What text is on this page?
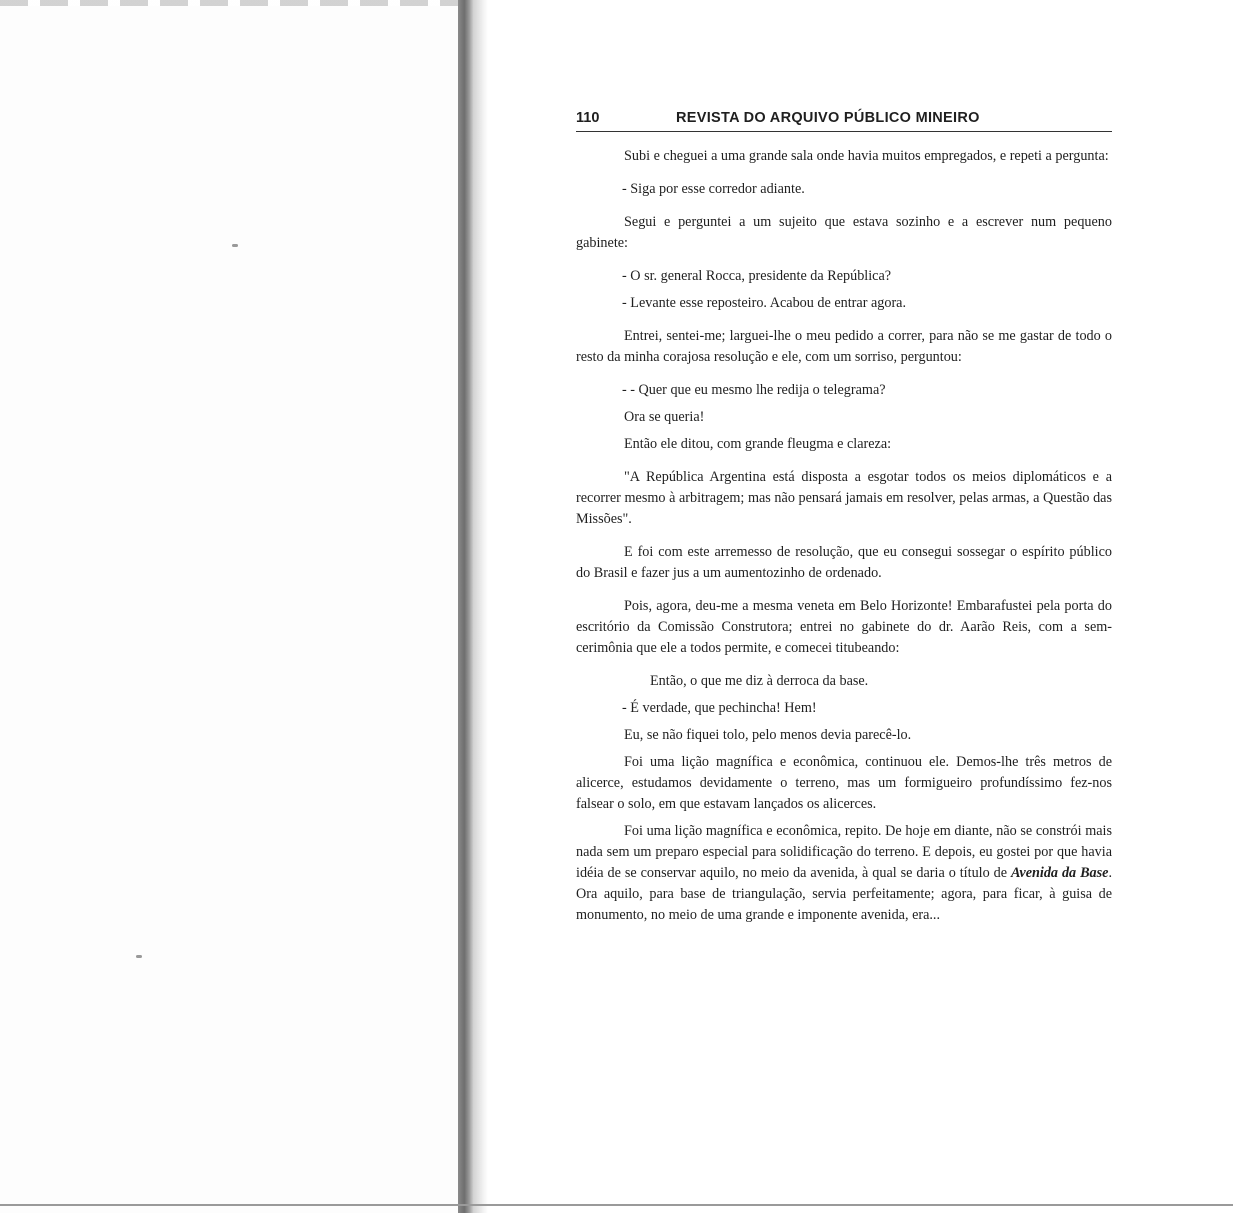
110	REVISTA DO ARQUIVO PÚBLICO MINEIRO

Subi e cheguei a uma grande sala onde havia muitos empregados, e repeti a pergunta:

- Siga por esse corredor adiante.

Segui e perguntei a um sujeito que estava sozinho e a escrever num pequeno gabinete:

- O sr. general Rocca, presidente da República?

- Levante esse reposteiro. Acabou de entrar agora.

Entrei, sentei-me; larguei-lhe o meu pedido a correr, para não se me gastar de todo o resto da minha corajosa resolução e ele, com um sorriso, perguntou:

- - Quer que eu mesmo lhe redija o telegrama?

Ora se queria!

Então ele ditou, com grande fleugma e clareza:

"A República Argentina está disposta a esgotar todos os meios diplomáticos e a recorrer mesmo à arbitragem; mas não pensará jamais em resolver, pelas armas, a Questão das Missões".

E foi com este arremesso de resolução, que eu consegui sossegar o espírito público do Brasil e fazer jus a um aumentozinho de ordenado.

Pois, agora, deu-me a mesma veneta em Belo Horizonte! Embarafustei pela porta do escritório da Comissão Construtora; entrei no gabinete do dr. Aarão Reis, com a sem-cerimônia que ele a todos permite, e comecei titubeando:

Então, o que me diz à derroca da base.

- É verdade, que pechincha! Hem!

Eu, se não fiquei tolo, pelo menos devia parecê-lo.

Foi uma lição magnífica e econômica, continuou ele. Demos-lhe três metros de alicerce, estudamos devidamente o terreno, mas um formigueiro profundíssimo fez-nos falsear o solo, em que estavam lançados os alicerces.

Foi uma lição magnífica e econômica, repito. De hoje em diante, não se constrói mais nada sem um preparo especial para solidificação do terreno. E depois, eu gostei por que havia idéia de se conservar aquilo, no meio da avenida, à qual se daria o título de Avenida da Base. Ora aquilo, para base de triangulação, servia perfeitamente; agora, para ficar, à guisa de monumento, no meio de uma grande e imponente avenida, era...
